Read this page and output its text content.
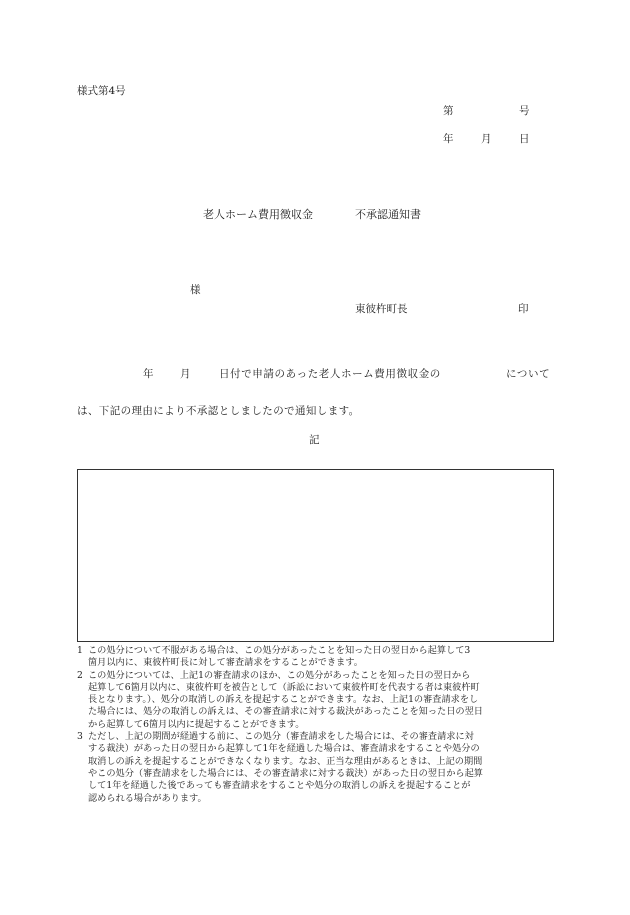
様式第4号
第	号
年	月	日
老人ホーム費用徴収金	不承認通知書
様
東彼杵町長	印
年	月	日付で申請のあった老人ホーム費用徴収金の	について
は、下記の理由により不承認としましたので通知します。
記
1 この処分について不服がある場合は、この処分があったことを知った日の翌日から起算して3
箇月以内に、東彼杵町長に対して審査請求をすることができます。
2 この処分については、上記1の審査請求のほか、この処分があったことを知った日の翌日から
起算して6箇月以内に、東彼杵町を被告として（訴訟において東彼杵町を代表する者は東彼杵町
長となります。）、処分の取消しの訴えを提起することができます。なお、上記1の審査請求をし
た場合には、処分の取消しの訴えは、その審査請求に対する裁決があったことを知った日の翌日
から起算して6箇月以内に提起することができます。
3 ただし、上記の期間が経過する前に、この処分（審査請求をした場合には、その審査請求に対
する裁決）があった日の翌日から起算して1年を経過した場合は、審査請求をすることや処分の
取消しの訴えを提起することができなくなります。なお、正当な理由があるときは、上記の期間
やこの処分（審査請求をした場合には、その審査請求に対する裁決）があった日の翌日から起算
して1年を経過した後であっても審査請求をすることや処分の取消しの訴えを提起することが
認められる場合があります。
